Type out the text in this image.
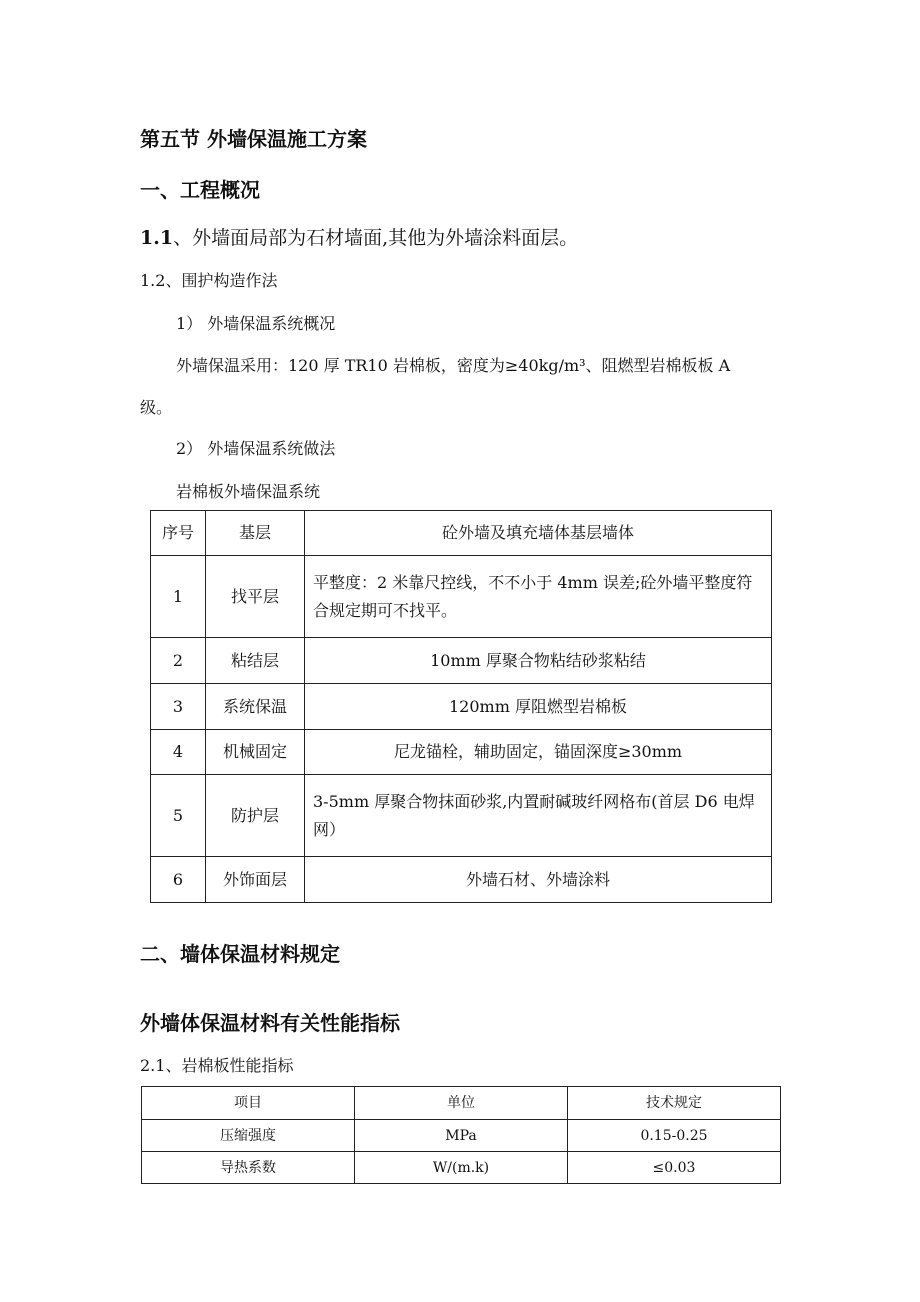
第五节 外墙保温施工方案
一、工程概况
1.1、外墙面局部为石材墙面,其他为外墙涂料面层。
1.2、围护构造作法
1） 外墙保温系统概况
外墙保温采用：120 厚 TR10 岩棉板，密度为≥40kg/m³、阻燃型岩棉板板 A
级。
2） 外墙保温系统做法
岩棉板外墙保温系统
序号	基层	砼外墙及填充墙体基层墙体
1	找平层	平整度：2 米靠尺控线，不不小于 4mm 误差;砼外墙平整度符合规定期可不找平。
2	粘结层	10mm 厚聚合物粘结砂浆粘结
3	系统保温	120mm 厚阻燃型岩棉板
4	机械固定	尼龙锚栓，辅助固定，锚固深度≥30mm
5	防护层	3-5mm 厚聚合物抹面砂浆,内置耐碱玻纤网格布(首层 D6 电焊网）
6	外饰面层	外墙石材、外墙涂料
二、墙体保温材料规定
外墙体保温材料有关性能指标
2.1、岩棉板性能指标
项目	单位	技术规定
压缩强度	MPa	0.15-0.25
导热系数	W/(m.k)	≤0.03
